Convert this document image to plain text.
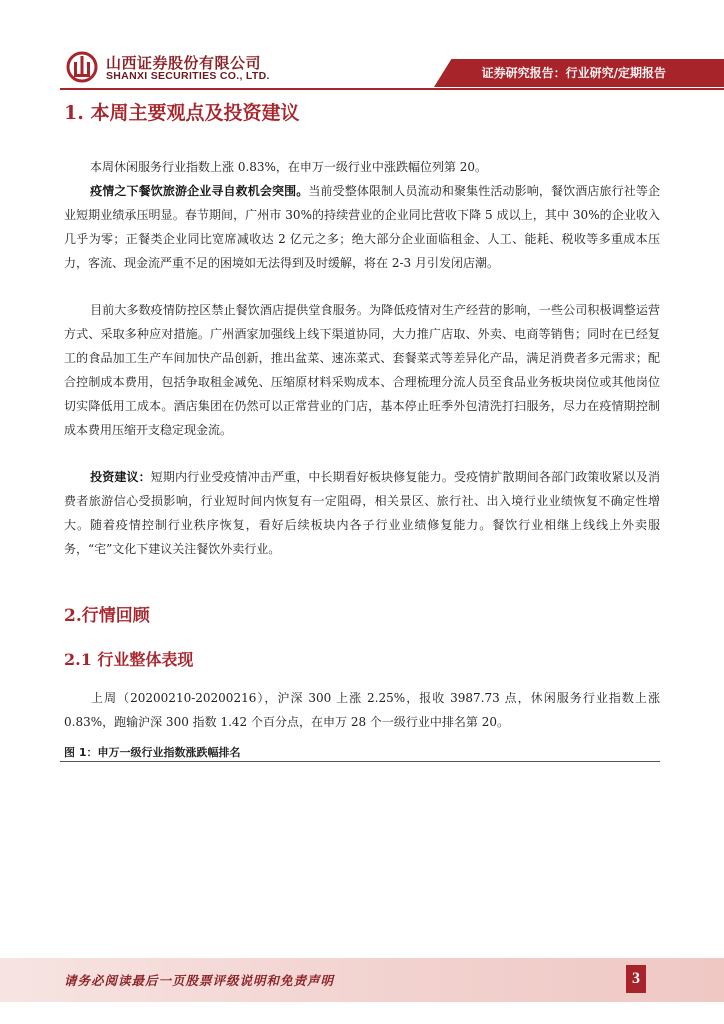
山西证券股份有限公司
SHANXI SECURITIES CO., LTD.	证券研究报告：行业研究/定期报告
1. 本周主要观点及投资建议

本周休闲服务行业指数上涨 0.83%，在申万一级行业中涨跌幅位列第 20。

疫情之下餐饮旅游企业寻自救机会突围。当前受整体限制人员流动和聚集性活动影响，餐饮酒店旅行社等企业短期业绩承压明显。春节期间，广州市 30%的持续营业的企业同比营收下降 5 成以上，其中 30%的企业收入几乎为零；正餐类企业同比宽席减收达 2 亿元之多；绝大部分企业面临租金、人工、能耗、税收等多重成本压力，客流、现金流严重不足的困境如无法得到及时缓解，将在 2-3 月引发闭店潮。

目前大多数疫情防控区禁止餐饮酒店提供堂食服务。为降低疫情对生产经营的影响，一些公司积极调整运营方式、采取多种应对措施。广州酒家加强线上线下渠道协同，大力推广店取、外卖、电商等销售；同时在已经复工的食品加工生产车间加快产品创新，推出盆菜、速冻菜式、套餐菜式等差异化产品，满足消费者多元需求；配合控制成本费用，包括争取租金减免、压缩原材料采购成本、合理梳理分流人员至食品业务板块岗位或其他岗位切实降低用工成本。酒店集团在仍然可以正常营业的门店，基本停止旺季外包清洗打扫服务，尽力在疫情期控制成本费用压缩开支稳定现金流。

投资建议：短期内行业受疫情冲击严重，中长期看好板块修复能力。受疫情扩散期间各部门政策收紧以及消费者旅游信心受损影响，行业短时间内恢复有一定阻碍，相关景区、旅行社、出入境行业业绩恢复不确定性增大。随着疫情控制行业秩序恢复，看好后续板块内各子行业业绩修复能力。餐饮行业相继上线线上外卖服务，“宅”文化下建议关注餐饮外卖行业。

2.行情回顾
2.1 行业整体表现

上周（20200210-20200216），沪深 300 上涨 2.25%，报收 3987.73 点，休闲服务行业指数上涨 0.83%，跑输沪深 300 指数 1.42 个百分点，在申万 28 个一级行业中排名第 20。

图 1：申万一级行业指数涨跌幅排名
请务必阅读最后一页股票评级说明和免责声明	3
